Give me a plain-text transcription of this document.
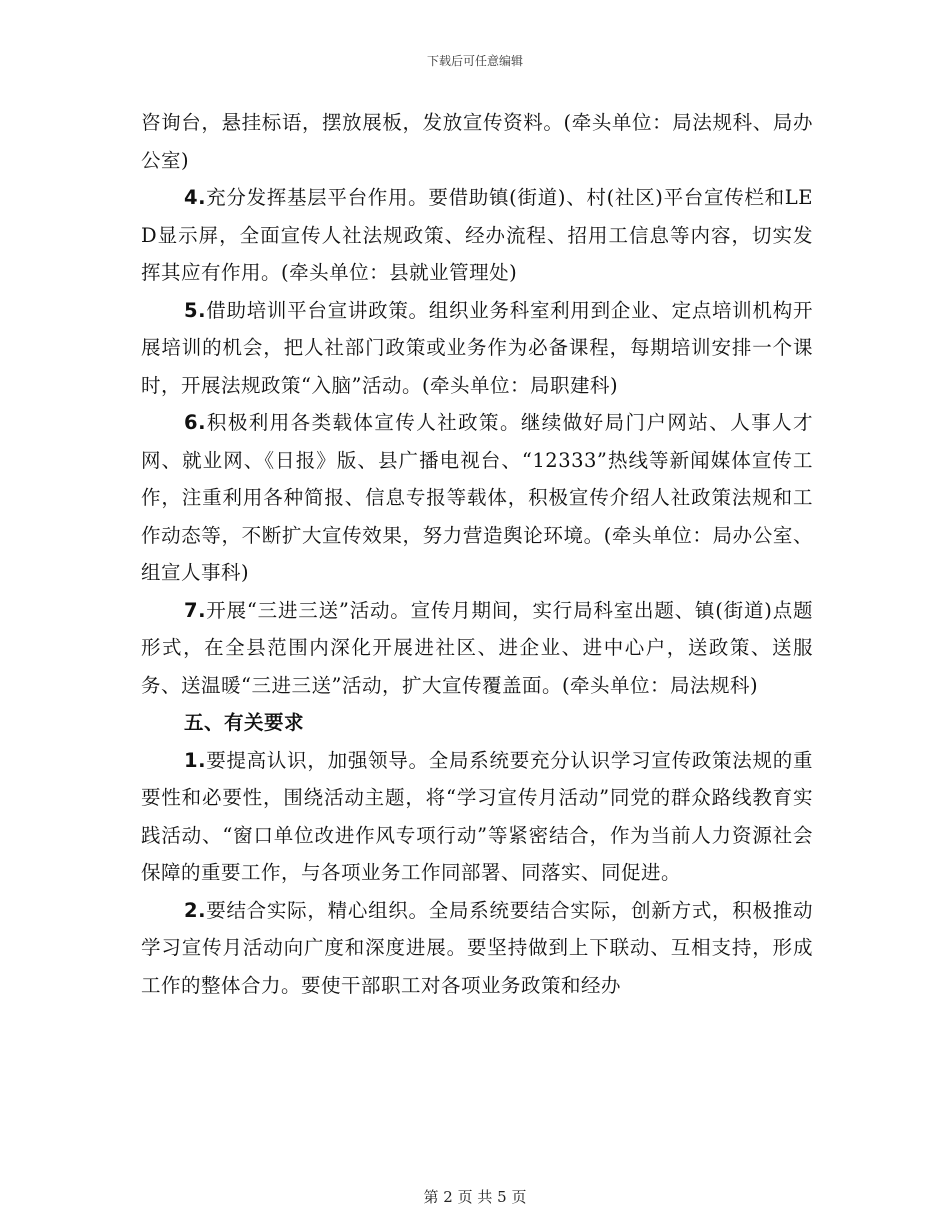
下载后可任意编辑

咨询台，悬挂标语，摆放展板，发放宣传资料。(牵头单位：局法规科、局办公室)

4.充分发挥基层平台作用。要借助镇(街道)、村(社区)平台宣传栏和LED显示屏，全面宣传人社法规政策、经办流程、招用工信息等内容，切实发挥其应有作用。(牵头单位：县就业管理处)

5.借助培训平台宣讲政策。组织业务科室利用到企业、定点培训机构开展培训的机会，把人社部门政策或业务作为必备课程，每期培训安排一个课时，开展法规政策“入脑”活动。(牵头单位：局职建科)

6.积极利用各类载体宣传人社政策。继续做好局门户网站、人事人才网、就业网、《日报》版、县广播电视台、“12333”热线等新闻媒体宣传工作，注重利用各种简报、信息专报等载体，积极宣传介绍人社政策法规和工作动态等，不断扩大宣传效果，努力营造舆论环境。(牵头单位：局办公室、组宣人事科)

7.开展“三进三送”活动。宣传月期间，实行局科室出题、镇(街道)点题形式，在全县范围内深化开展进社区、进企业、进中心户，送政策、送服务、送温暖“三进三送”活动，扩大宣传覆盖面。(牵头单位：局法规科)

五、有关要求

1.要提高认识，加强领导。全局系统要充分认识学习宣传政策法规的重要性和必要性，围绕活动主题，将“学习宣传月活动”同党的群众路线教育实践活动、“窗口单位改进作风专项行动”等紧密结合，作为当前人力资源社会保障的重要工作，与各项业务工作同部署、同落实、同促进。

2.要结合实际，精心组织。全局系统要结合实际，创新方式，积极推动学习宣传月活动向广度和深度进展。要坚持做到上下联动、互相支持，形成工作的整体合力。要使干部职工对各项业务政策和经办

第 2 页 共 5 页
